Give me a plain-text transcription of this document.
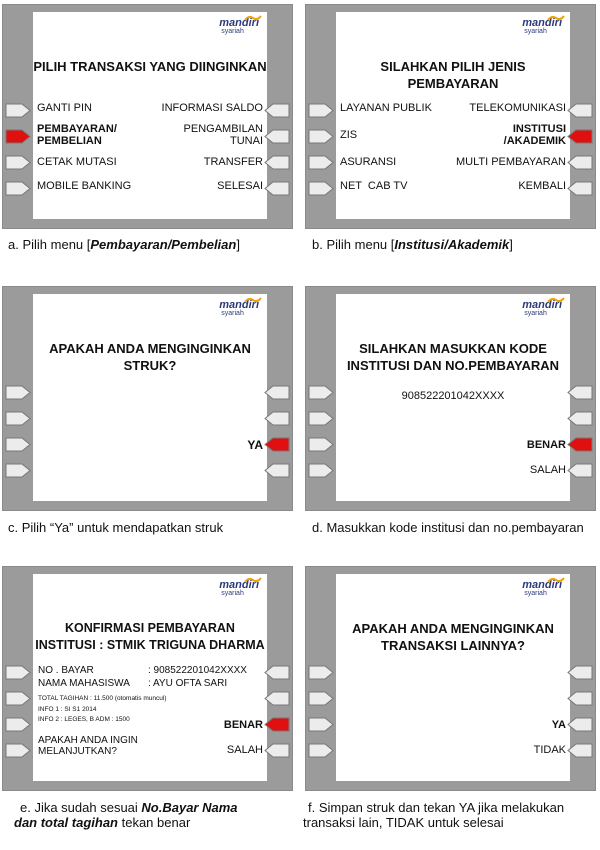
mandiri
syariah
PILIH TRANSAKSI YANG DIINGINKAN
GANTI PIN
PEMBAYARAN/
PEMBELIAN
CETAK MUTASI
MOBILE BANKING
INFORMASI SALDO
PENGAMBILAN
TUNAI
TRANSFER
SELESAI
a. Pilih menu [Pembayaran/Pembelian]
mandiri
syariah
SILAHKAN PILIH JENIS PEMBAYARAN
LAYANAN PUBLIK
ZIS
ASURANSI
NET  CAB TV
TELEKOMUNIKASI
INSTITUSI
/AKADEMIK
MULTI PEMBAYARAN
KEMBALI
b. Pilih menu [Institusi/Akademik]
mandiri
syariah
APAKAH ANDA MENGINGINKAN
STRUK?
YA
c. Pilih “Ya” untuk mendapatkan struk
mandiri
syariah
SILAHKAN MASUKKAN KODE
INSTITUSI DAN NO.PEMBAYARAN
908522201042XXXX
BENAR
SALAH
d. Masukkan kode institusi dan no.pembayaran
mandiri
syariah
KONFIRMASI PEMBAYARAN
INSTITUSI : STMIK TRIGUNA DHARMA
NO . BAYAR	: 908522201042XXXX
NAMA MAHASISWA : AYU OFTA SARI
TOTAL TAGIHAN : 11.500 (otomatis muncul)
INFO 1 : SI S1 2014
INFO 2 : LEGES, B ADM : 1500
APAKAH ANDA INGIN
MELANJUTKAN?
BENAR
SALAH
e. Jika sudah sesuai No.Bayar Nama
dan total tagihan tekan benar
mandiri
syariah
APAKAH ANDA MENGINGINKAN
TRANSAKSI LAINNYA?
YA
TIDAK
f. Simpan struk dan tekan YA jika melakukan
transaksi lain, TIDAK untuk selesai
